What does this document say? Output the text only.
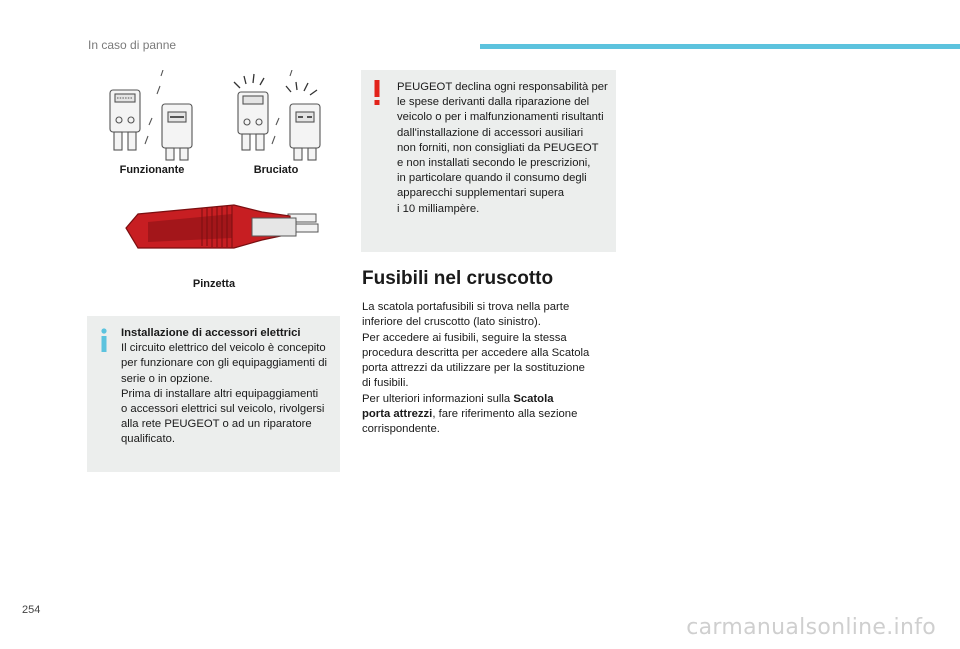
In caso di panne
Funzionante	Bruciato
Pinzetta
Installazione di accessori elettrici
Il circuito elettrico del veicolo è concepito
per funzionare con gli equipaggiamenti di
serie o in opzione.
Prima di installare altri equipaggiamenti
o accessori elettrici sul veicolo, rivolgersi
alla rete PEUGEOT o ad un riparatore
qualificato.
PEUGEOT declina ogni responsabilità per
le spese derivanti dalla riparazione del
veicolo o per i malfunzionamenti risultanti
dall'installazione di accessori ausiliari
non forniti, non consigliati da PEUGEOT
e non installati secondo le prescrizioni,
in particolare quando il consumo degli
apparecchi supplementari supera
i 10 milliampère.
Fusibili nel cruscotto
La scatola portafusibili si trova nella parte
inferiore del cruscotto (lato sinistro).
Per accedere ai fusibili, seguire la stessa
procedura descritta per accedere alla Scatola
porta attrezzi da utilizzare per la sostituzione
di fusibili.
Per ulteriori informazioni sulla Scatola
porta attrezzi, fare riferimento alla sezione
corrispondente.
254
carmanualsonline.info
